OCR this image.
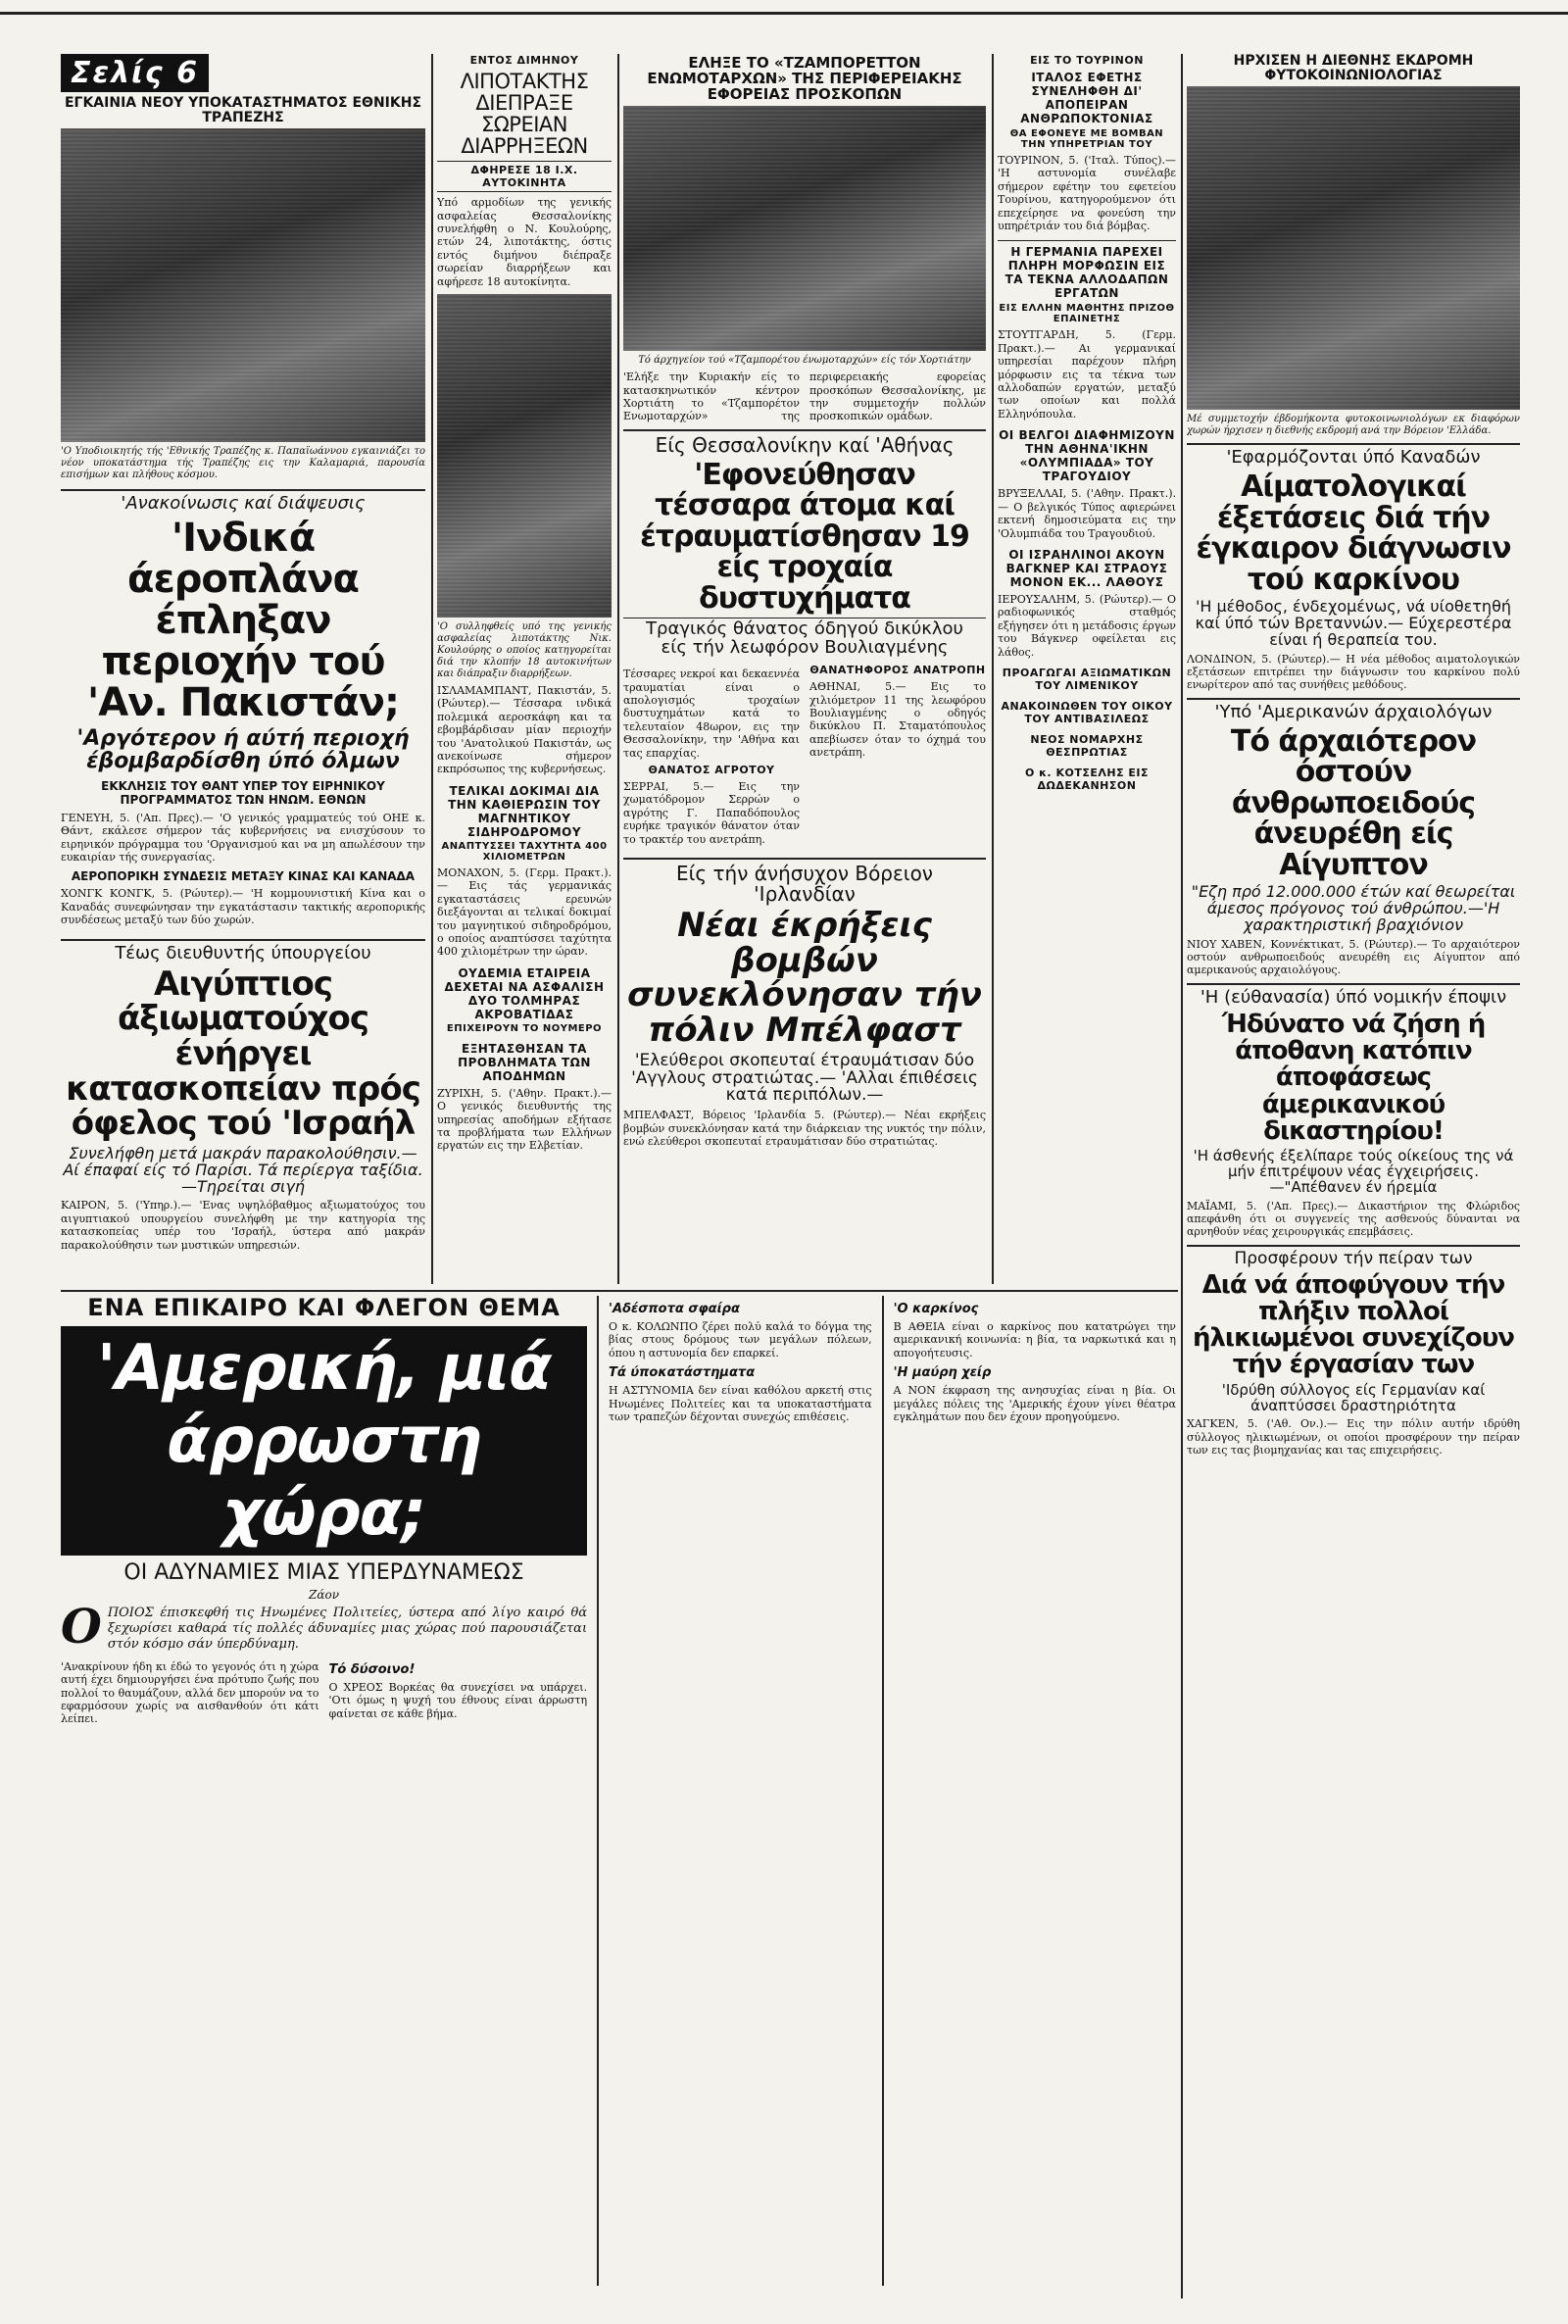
Σελίς 6
ΕΓΚΑΙΝΙΑ ΝΕΟΥ ΥΠΟΚΑΤΑΣΤΗΜΑΤΟΣ ΕΘΝΙΚΗΣ ΤΡΑΠΕΖΗΣ

'Ο Υποδιοικητής τής 'Εθνικής Τραπέζης κ. Παπαϊωάννου εγκαινιάζει το νέον υποκατάστημα τής Τραπέζης εις την Καλαμαριά, παρουσία επισήμων και πλήθους κόσμου.

'Ανακοίνωσις καί διάψευσις
'Ινδικά άεροπλάνα έπληξαν περιοχήν τού 'Αν. Πακιστάν;
'Αργότερον ή αύτή περιοχή έβομβαρδίσθη ύπό όλμων
ΕΚΚΛΗΣΙΣ ΤΟΥ ΘΑΝΤ ΥΠΕΡ ΤΟΥ ΕΙΡΗΝΙΚΟΥ ΠΡΟΓΡΑΜΜΑΤΟΣ ΤΩΝ ΗΝΩΜ. ΕΘΝΩΝ

ΓΕΝΕΥΗ, 5. ('Απ. Πρες).— 'Ο γενικός γραμματεύς τού ΟΗΕ κ. Θάντ, εκάλεσε σήμερον τάς κυβερνήσεις να ενισχύσουν το ειρηνικόν πρόγραμμα του 'Οργανισμού και να μη απωλέσουν την ευκαιρίαν τής συνεργασίας.

ΑΕΡΟΠΟΡΙΚΗ ΣΥΝΔΕΣΙΣ ΜΕΤΑΞΥ ΚΙΝΑΣ ΚΑΙ ΚΑΝΑΔΑ

ΧΟΝΓΚ ΚΟΝΓΚ, 5. (Ρώυτερ).— 'Η κομμουνιστική Κίνα και ο Καναδάς συνεφώνησαν την εγκατάστασιν τακτικής αεροπορικής συνδέσεως μεταξύ των δύο χωρών.

Τέως διευθυντής ύπουργείου
Αιγύπτιος άξιωματούχος ένήργει κατασκοπείαν πρός όφελος τού 'Ισραήλ
Συνελήφθη μετά μακράν παρακολούθησιν.— Αί έπαφαί είς τό Παρίσι. Τά περίεργα ταξίδια.—Τηρείται σιγή

ΚΑΙΡΟΝ, 5. ('Υπηρ.).— 'Ενας υψηλόβαθμος αξιωματούχος του αιγυπτιακού υπουργείου συνελήφθη με την κατηγορία της κατασκοπείας υπέρ του 'Ισραήλ, ύστερα από μακράν παρακολούθησιν των μυστικών υπηρεσιών.

ΕΝΤΟΣ ΔΙΜΗΝΟΥ
ΛΙΠΟΤΑΚΤΗΣ ΔΙΕΠΡΑΞΕ ΣΩΡΕΙΑΝ ΔΙΑΡΡΗΞΕΩΝ
ΔΦΗΡΕΣΕ 18 Ι.Χ. ΑΥΤΟΚΙΝΗΤΑ

Υπό αρμοδίων της γενικής ασφαλείας Θεσσαλονίκης συνελήφθη ο Ν. Κουλούρης, ετών 24, λιποτάκτης, όστις εντός διμήνου διέπραξε σωρείαν διαρρήξεων και αφήρεσε 18 αυτοκίνητα.

'Ο συλληφθείς υπό της γενικής ασφαλείας λιποτάκτης Νικ. Κουλούρης ο οποίος κατηγορείται διά την κλοπήν 18 αυτοκινήτων και διάπραξιν διαρρήξεων.

ΙΣΛΑΜΑΜΠΑΝΤ, Πακιστάν, 5. (Ρώυτερ).— Τέσσαρα ινδικά πολεμικά αεροσκάφη και τα εβομβάρδισαν μίαν περιοχήν του 'Ανατολικού Πακιστάν, ως ανεκοίνωσε σήμερον εκπρόσωπος της κυβερνήσεως.

ΤΕΛΙΚΑΙ ΔΟΚΙΜΑΙ ΔΙΑ ΤΗΝ ΚΑΘΙΕΡΩΣΙΝ ΤΟΥ ΜΑΓΝΗΤΙΚΟΥ ΣΙΔΗΡΟΔΡΟΜΟΥ
ΑΝΑΠΤΥΣΣΕΙ ΤΑΧΥΤΗΤΑ 400 ΧΙΛΙΟΜΕΤΡΩΝ

ΜΟΝΑΧΟΝ, 5. (Γερμ. Πρακτ.).— Εις τάς γερμανικάς εγκαταστάσεις ερευνών διεξάγονται αι τελικαί δοκιμαί του μαγνητικού σιδηροδρόμου, ο οποίος αναπτύσσει ταχύτητα 400 χιλιομέτρων την ώραν.

ΟΥΔΕΜΙΑ ΕΤΑΙΡΕΙΑ ΔΕΧΕΤΑΙ ΝΑ ΑΣΦΑΛΙΣΗ ΔΥΟ ΤΟΛΜΗΡΑΣ ΑΚΡΟΒΑΤΙΔΑΣ
ΕΠΙΧΕΙΡΟΥΝ ΤΟ ΝΟΥΜΕΡΟ
ΕΞΗΤΑΣΘΗΣΑΝ ΤΑ ΠΡΟΒΛΗΜΑΤΑ ΤΩΝ ΑΠΟΔΗΜΩΝ

ΖΥΡΙΧΗ, 5. ('Αθην. Πρακτ.).— Ο γενικός διευθυντής της υπηρεσίας αποδήμων εξήτασε τα προβλήματα των Ελλήνων εργατών εις την Ελβετίαν.

ΕΛΗΞΕ ΤΟ «ΤΖΑΜΠΟΡΕΤΤΟΝ ΕΝΩΜΟΤΑΡΧΩΝ» ΤΗΣ ΠΕΡΙΦΕΡΕΙΑΚΗΣ ΕΦΟΡΕΙΑΣ ΠΡΟΣΚΟΠΩΝ

Τό άρχηγείον τού «Τζαμπορέτου ένωμοταρχών» είς τόν Χορτιάτην

'Ελήξε την Κυριακήν είς το κατασκηνωτικόν κέντρον Χορτιάτη το «Τζαμπορέτον Ενωμοταρχών» της περιφερειακής εφορείας προσκόπων Θεσσαλονίκης, με την συμμετοχήν πολλών προσκοπικών ομάδων.

Είς Θεσσαλονίκην καί 'Αθήνας
'Εφονεύθησαν τέσσαρα άτομα καί έτραυματίσθησαν 19 είς τροχαία δυστυχήματα
Τραγικός θάνατος όδηγού δικύκλου
είς τήν λεωφόρον Βουλιαγμένης

Τέσσαρες νεκροί και δεκαεννέα τραυματίαι είναι ο απολογισμός τροχαίων δυστυχημάτων κατά το τελευταίον 48ωρον, εις την Θεσσαλονίκην, την 'Αθήνα και τας επαρχίας.

ΘΑΝΑΤΟΣ ΑΓΡΟΤΟΥ

ΣΕΡΡΑΙ, 5.— Εις την χωματόδρομον Σερρών ο αγρότης Γ. Παπαδόπουλος ευρήκε τραγικόν θάνατον όταν το τρακτέρ του ανετράπη.

ΘΑΝΑΤΗΦΟΡΟΣ ΑΝΑΤΡΟΠΗ

ΑΘΗΝΑΙ, 5.— Εις το χιλιόμετρον 11 της λεωφόρου Βουλιαγμένης ο οδηγός δικύκλου Π. Σταματόπουλος απεβίωσεν όταν το όχημά του ανετράπη.

Είς τήν άνήσυχον Βόρειον 'Ιρλανδίαν
Νέαι έκρήξεις βομβών συνεκλόνησαν τήν πόλιν Μπέλφαστ
'Ελεύθεροι σκοπευταί έτραυμάτισαν δύο 'Αγγλους στρατιώτας.— 'Αλλαι έπιθέσεις κατά περιπόλων.—

ΜΠΕΛΦΑΣΤ, Βόρειος 'Ιρλανδία 5. (Ρώυτερ).— Νέαι εκρήξεις βομβών συνεκλόνησαν κατά την διάρκειαν της νυκτός την πόλιν, ενώ ελεύθεροι σκοπευταί ετραυμάτισαν δύο στρατιώτας.

ΕΙΣ ΤΟ ΤΟΥΡΙΝΟΝ
ΙΤΑΛΟΣ ΕΦΕΤΗΣ ΣΥΝΕΛΗΦΘΗ ΔΙ' ΑΠΟΠΕΙΡΑΝ ΑΝΘΡΩΠΟΚΤΟΝΙΑΣ
ΘΑ ΕΦΟΝΕΥΕ ΜΕ ΒΟΜΒΑΝ ΤΗΝ ΥΠΗΡΕΤΡΙΑΝ ΤΟΥ

ΤΟΥΡΙΝΟΝ, 5. ('Ιταλ. Τύπος).— 'Η αστυνομία συνέλαβε σήμερον εφέτην του εφετείου Τουρίνου, κατηγορούμενον ότι επεχείρησε να φονεύση την υπηρέτριάν του διά βόμβας.

Η ΓΕΡΜΑΝΙΑ ΠΑΡΕΧΕΙ ΠΛΗΡΗ ΜΟΡΦΩΣΙΝ ΕΙΣ ΤΑ ΤΕΚΝΑ ΑΛΛΟΔΑΠΩΝ ΕΡΓΑΤΩΝ
ΕΙΣ ΕΛΛΗΝ ΜΑΘΗΤΗΣ ΠΡΙΖΟΘ ΕΠΑΙΝΕΤΗΣ

ΣΤΟΥΤΓΑΡΔΗ, 5. (Γερμ. Πρακτ.).— Αι γερμανικαί υπηρεσίαι παρέχουν πλήρη μόρφωσιν εις τα τέκνα των αλλοδαπών εργατών, μεταξύ των οποίων και πολλά Ελληνόπουλα.

ΟΙ ΒΕΛΓΟΙ ΔΙΑΦΗΜΙΖΟΥΝ ΤΗΝ ΑΘΗΝΑ'ΙΚΗΝ «ΟΛΥΜΠΙΑΔΑ» ΤΟΥ ΤΡΑΓΟΥΔΙΟΥ

ΒΡΥΞΕΛΛΑΙ, 5. ('Αθην. Πρακτ.).— Ο βελγικός Τύπος αφιερώνει εκτενή δημοσιεύματα εις την 'Ολυμπιάδα του Τραγουδιού.

ΟΙ ΙΣΡΑΗΛΙΝΟΙ ΑΚΟΥΝ ΒΑΓΚΝΕΡ ΚΑΙ ΣΤΡΑΟΥΣ ΜΟΝΟΝ ΕΚ... ΛΑΘΟΥΣ

ΙΕΡΟΥΣΑΛΗΜ, 5. (Ρώυτερ).— Ο ραδιοφωνικός σταθμός εξήγησεν ότι η μετάδοσις έργων του Βάγκνερ οφείλεται εις λάθος.

ΠΡΟΑΓΩΓΑΙ ΑΞΙΩΜΑΤΙΚΩΝ ΤΟΥ ΛΙΜΕΝΙΚΟΥ
ΑΝΑΚΟΙΝΩΘΕΝ ΤΟΥ ΟΙΚΟΥ ΤΟΥ ΑΝΤΙΒΑΣΙΛΕΩΣ
ΝΕΟΣ ΝΟΜΑΡΧΗΣ ΘΕΣΠΡΩΤΙΑΣ
Ο κ. ΚΟΤΣΕΛΗΣ ΕΙΣ ΔΩΔΕΚΑΝΗΣΟΝ
ΗΡΧΙΣΕΝ Η ΔΙΕΘΝΗΣ ΕΚΔΡΟΜΗ ΦΥΤΟΚΟΙΝΩΝΙΟΛΟΓΙΑΣ

Μέ συμμετοχήν έβδομήκοντα φυτοκοινωνιολόγων εκ διαφόρων χωρών ήρχισεν η διεθνής εκδρομή ανά την Βόρειον 'Ελλάδα.

'Εφαρμόζονται ύπό Καναδών
Αίματολογικαί έξετάσεις διά τήν έγκαιρον διάγνωσιν τού καρκίνου
'Η μέθοδος, ένδεχομένως, νά υίοθετηθή καί ύπό τών Βρεταννών.— Εύχερεστέρα είναι ή θεραπεία του.

ΛΟΝΔΙΝΟΝ, 5. (Ρώυτερ).— Η νέα μέθοδος αιματολογικών εξετάσεων επιτρέπει την διάγνωσιν του καρκίνου πολύ ενωρίτερον από τας συνήθεις μεθόδους.

'Υπό 'Αμερικανών άρχαιολόγων
Τό άρχαιότερον όστούν άνθρωποειδούς άνευρέθη είς Αίγυπτον
"Εζη πρό 12.000.000 έτών καί θεωρείται άμεσος πρόγονος τού άνθρώπου.—'Η χαρακτηριστική βραχιόνιον

ΝΙΟΥ ΧΑΒΕΝ, Κοννέκτικατ, 5. (Ρώυτερ).— Το αρχαιότερον οστούν ανθρωποειδούς ανευρέθη εις Αίγυπτον από αμερικανούς αρχαιολόγους.

'Η (εύθανασία) ύπό νομικήν έποψιν
Ήδύνατο νά ζήση ή άποθανη κατόπιν άποφάσεως άμερικανικού δικαστηρίου!
'Η άσθενής έξελίπαρε τούς οίκείους της νά μήν έπιτρέψουν νέας έγχειρήσεις.—"Απέθανεν έν ήρεμία

ΜΑΪΑΜΙ, 5. ('Απ. Πρες).— Δικαστήριον της Φλώριδος απεφάνθη ότι οι συγγενείς της ασθενούς δύνανται να αρνηθούν νέας χειρουργικάς επεμβάσεις.

Προσφέρουν τήν πείραν των
Διά νά άποφύγουν τήν πλήξιν πολλοί ήλικιωμένοι συνεχίζουν τήν έργασίαν των
'Ιδρύθη σύλλογος είς Γερμανίαν καί άναπτύσσει δραστηριότητα

ΧΑΓΚΕΝ, 5. ('Αθ. Ον.).— Εις την πόλιν αυτήν ιδρύθη σύλλογος ηλικιωμένων, οι οποίοι προσφέρουν την πείραν των εις τας βιομηχανίας και τας επιχειρήσεις.

ΕΝΑ ΕΠΙΚΑΙΡΟ ΚΑΙ ΦΛΕΓΟΝ ΘΕΜΑ
'Αμερική, μιά άρρωστη χώρα;
ΟΙ ΑΔΥΝΑΜΙΕΣ ΜΙΑΣ ΥΠΕΡΔΥΝΑΜΕΩΣ
Ζάον

OΠΟΙΟΣ έπισκεφθή τις Ηνωμένες Πολιτείες, ύστερα από λίγο καιρό θά ξεχωρίσει καθαρά τίς πολλές άδυναμίες μιας χώρας πού παρουσιάζεται στόν κόσμο σάν ύπερδύναμη.

'Ανακρίνουν ήδη κι έδώ το γεγονός ότι η χώρα αυτή έχει δημιουργήσει ένα πρότυπο ζωής που πολλοί το θαυμάζουν, αλλά δεν μπορούν να το εφαρμόσουν χωρίς να αισθανθούν ότι κάτι λείπει.

Τό δύσοινο!

Ο ΧΡΕΟΣ Βορκέας θα συνεχίσει να υπάρχει. 'Οτι όμως η ψυχή του έθνους είναι άρρωστη φαίνεται σε κάθε βήμα.

'Αδέσποτα σφαίρα

Ο κ. ΚΟΛΩΝΠΟ ζέρει πολύ καλά το δόγμα της βίας στους δρόμους των μεγάλων πόλεων, όπου η αστυνομία δεν επαρκεί.

Τά ύποκατάστηματα

Η ΑΣΤΥΝΟΜΙΑ δεν είναι καθόλου αρκετή στις Ηνωμένες Πολιτείες και τα υποκαταστήματα των τραπεζών δέχονται συνεχώς επιθέσεις.

'Ο καρκίνος

Β ΑΘΕΙΑ είναι ο καρκίνος που κατατρώγει την αμερικανική κοινωνία: η βία, τα ναρκωτικά και η απογοήτευσις.

'Η μαύρη χείρ

Α ΝΟΝ έκφραση της ανησυχίας είναι η βία. Οι μεγάλες πόλεις της 'Αμερικής έχουν γίνει θέατρα εγκλημάτων που δεν έχουν προηγούμενο.
